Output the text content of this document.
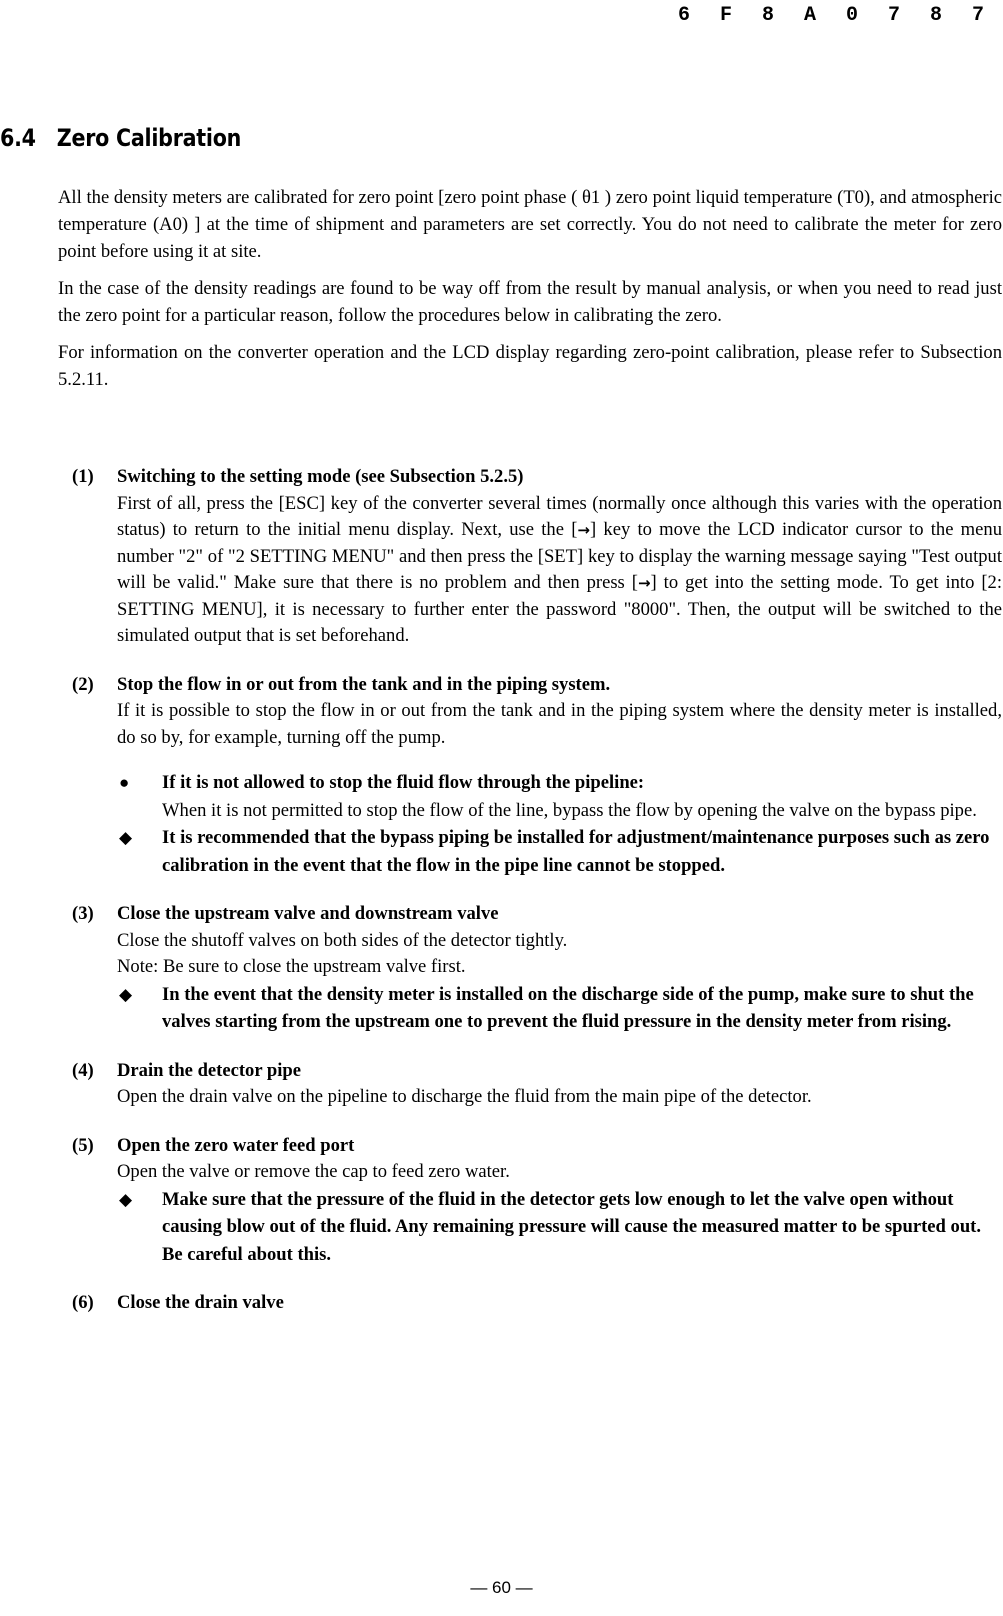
6 F 8 A 0 7 8 7
6.4 Zero Calibration

All the density meters are calibrated for zero point [zero point phase ( θ1 ) zero point liquid temperature (T0), and atmospheric temperature (A0) ] at the time of shipment and parameters are set correctly. You do not need to calibrate the meter for zero point before using it at site.

In the case of the density readings are found to be way off from the result by manual analysis, or when you need to read just the zero point for a particular reason, follow the procedures below in calibrating the zero.

For information on the converter operation and the LCD display regarding zero-point calibration, please refer to Subsection 5.2.11.

(1) Switching to the setting mode (see Subsection 5.2.5)
First of all, press the [ESC] key of the converter several times (normally once although this varies with the operation status) to return to the initial menu display. Next, use the [→] key to move the LCD indicator cursor to the menu number "2" of "2 SETTING MENU" and then press the [SET] key to display the warning message saying "Test output will be valid." Make sure that there is no problem and then press [→] to get into the setting mode. To get into [2: SETTING MENU], it is necessary to further enter the password "8000". Then, the output will be switched to the simulated output that is set beforehand.
(2) Stop the flow in or out from the tank and in the piping system.
If it is possible to stop the flow in or out from the tank and in the piping system where the density meter is installed, do so by, for example, turning off the pump.
● If it is not allowed to stop the fluid flow through the pipeline:
When it is not permitted to stop the flow of the line, bypass the flow by opening the valve on the bypass pipe.
◆ It is recommended that the bypass piping be installed for adjustment/maintenance purposes such as zero calibration in the event that the flow in the pipe line cannot be stopped.
(3) Close the upstream valve and downstream valve
Close the shutoff valves on both sides of the detector tightly.
Note: Be sure to close the upstream valve first.
◆ In the event that the density meter is installed on the discharge side of the pump, make sure to shut the valves starting from the upstream one to prevent the fluid pressure in the density meter from rising.
(4) Drain the detector pipe
Open the drain valve on the pipeline to discharge the fluid from the main pipe of the detector.
(5) Open the zero water feed port
Open the valve or remove the cap to feed zero water.
◆ Make sure that the pressure of the fluid in the detector gets low enough to let the valve open without causing blow out of the fluid. Any remaining pressure will cause the measured matter to be spurted out. Be careful about this.
(6) Close the drain valve
— 60 —
